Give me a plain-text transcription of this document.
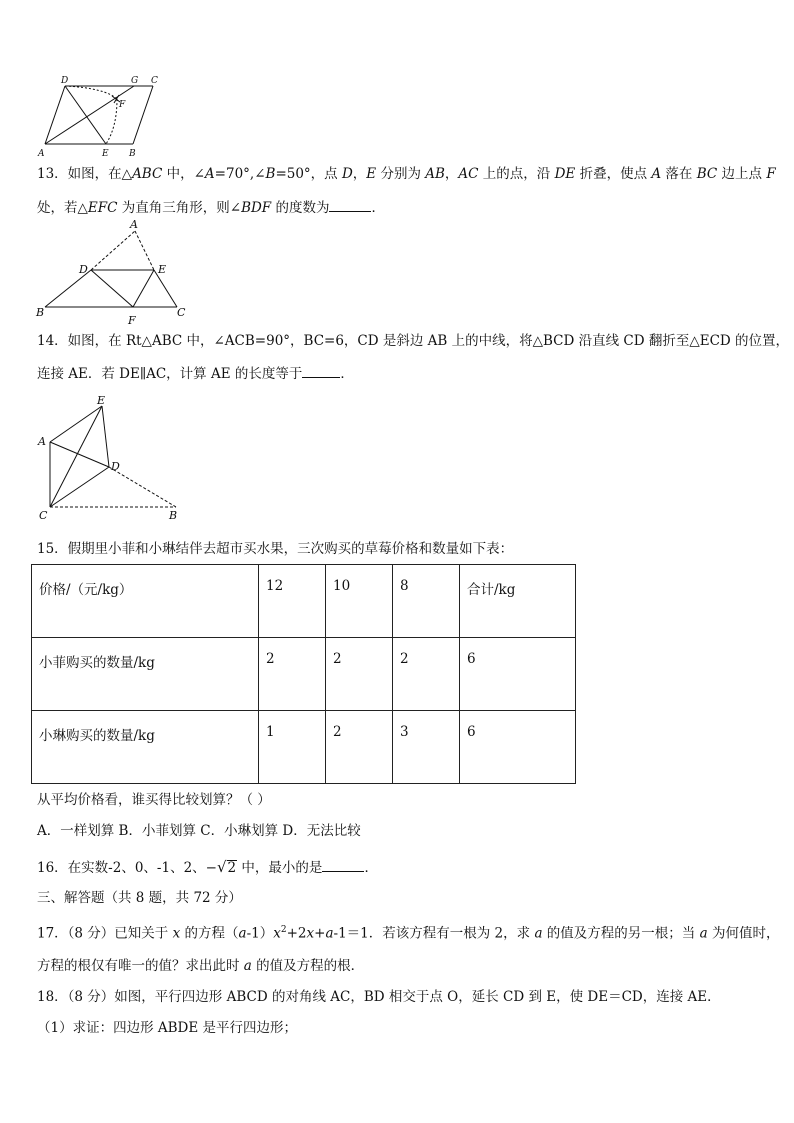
D	G C
F
A	E B
13．如图，在△ABC 中，∠A=70°,∠B=50°，点 D，E 分别为 AB，AC 上的点，沿 DE 折叠，使点 A 落在 BC 边上点 F
处，若△EFC 为直角三角形，则∠BDF 的度数为	．
A
D	E
B
F
C
14．如图，在 Rt△ABC 中，∠ACB=90°，BC=6，CD 是斜边 AB 上的中线，将△BCD 沿直线 CD 翻折至△ECD 的位置，
连接 AE．若 DE∥AC，计算 AE 的长度等于	．
E
A
D
C	B
15．假期里小菲和小琳结伴去超市买水果，三次购买的草莓价格和数量如下表：
价格/（元/kg）	12	10	8	合计/kg
小菲购买的数量/kg	2	2	2	6
小琳购买的数量/kg	1	2	3	6
从平均价格看，谁买得比较划算？（ ）
A．一样划算 B．小菲划算 C．小琳划算 D．无法比较
16．在实数-2、0、-1、2、−√2 中，最小的是	．
三、解答题（共 8 题，共 72 分）
17．（8 分）已知关于 x 的方程$(a-1)x^2+2x+a-1=1$．若该方程有一根为 2，求 a 的值及方程的另一根；当 a 为何值时，
方程的根仅有唯一的值？求出此时 a 的值及方程的根．
18．（8 分）如图，平行四边形 ABCD 的对角线 AC，BD 相交于点 O，延长 CD 到 E，使 DE＝CD，连接 AE．
（1）求证：四边形 ABDE 是平行四边形；
